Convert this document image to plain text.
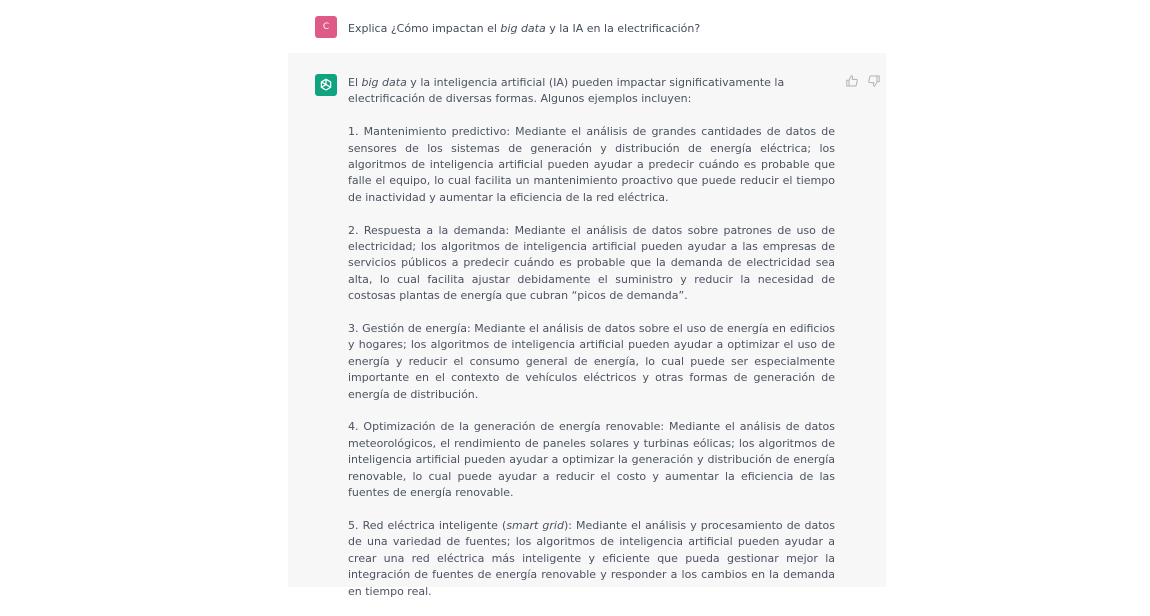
C	Explica ¿Cómo impactan el big data y la IA en la electrificación?

El big data y la inteligencia artificial (IA) pueden impactar significativamente la electrificación de diversas formas. Algunos ejemplos incluyen:

1. Mantenimiento predictivo: Mediante el análisis de grandes cantidades de datos de sensores de los sistemas de generación y distribución de energía eléctrica; los algoritmos de inteligencia artificial pueden ayudar a predecir cuándo es probable que falle el equipo, lo cual facilita un mantenimiento proactivo que puede reducir el tiempo de inactividad y aumentar la eficiencia de la red eléctrica.

2. Respuesta a la demanda: Mediante el análisis de datos sobre patrones de uso de electricidad; los algoritmos de inteligencia artificial pueden ayudar a las empresas de servicios públicos a predecir cuándo es probable que la demanda de electricidad sea alta, lo cual facilita ajustar debidamente el suministro y reducir la necesidad de costosas plantas de energía que cubran “picos de demanda”.

3. Gestión de energía: Mediante el análisis de datos sobre el uso de energía en edificios y hogares; los algoritmos de inteligencia artificial pueden ayudar a optimizar el uso de energía y reducir el consumo general de energía, lo cual puede ser especialmente importante en el contexto de vehículos eléctricos y otras formas de generación de energía de distribución.

4. Optimización de la generación de energía renovable: Mediante el análisis de datos meteorológicos, el rendimiento de paneles solares y turbinas eólicas; los algoritmos de inteligencia artificial pueden ayudar a optimizar la generación y distribución de energía renovable, lo cual puede ayudar a reducir el costo y aumentar la eficiencia de las fuentes de energía renovable.

5. Red eléctrica inteligente (smart grid): Mediante el análisis y procesamiento de datos de una variedad de fuentes; los algoritmos de inteligencia artificial pueden ayudar a crear una red eléctrica más inteligente y eficiente que pueda gestionar mejor la integración de fuentes de energía renovable y responder a los cambios en la demanda en tiempo real.
